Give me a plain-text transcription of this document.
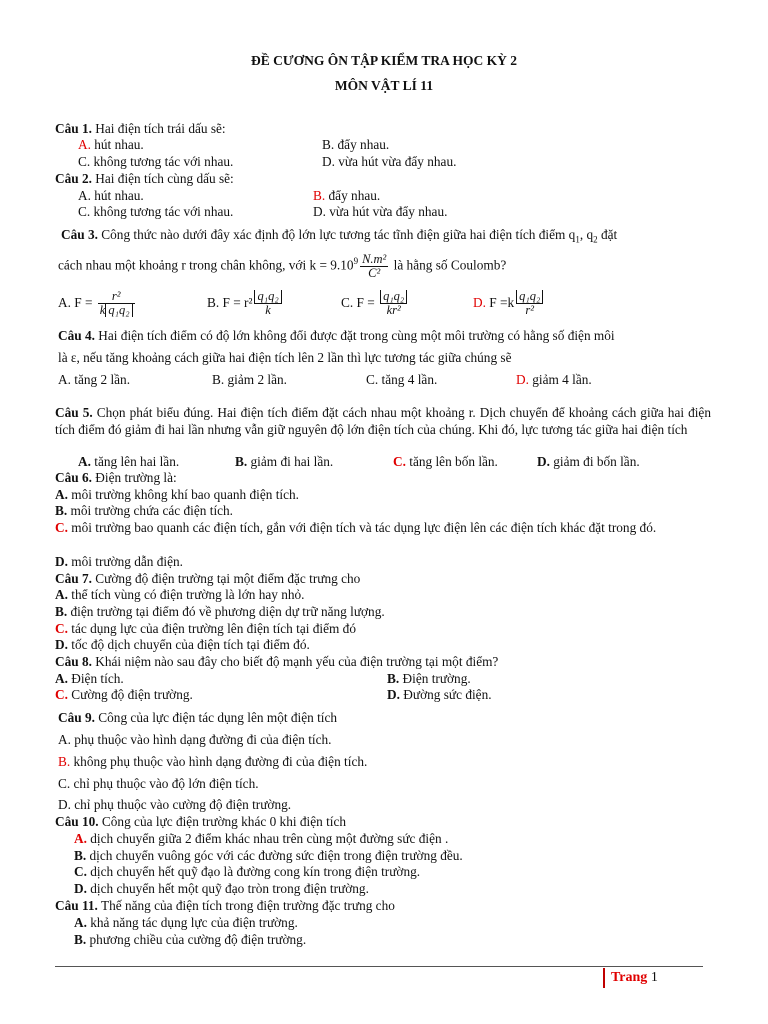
ĐỀ CƯƠNG ÔN TẬP KIỂM TRA HỌC KỲ 2
MÔN VẬT LÍ 11
Câu 1. Hai điện tích trái dấu sẽ:
A. hút nhau.	B. đẩy nhau.
C. không tương tác với nhau.	D. vừa hút vừa đẩy nhau.
Câu 2. Hai điện tích cùng dấu sẽ:
A. hút nhau.	B. đẩy nhau.
C. không tương tác với nhau.	D. vừa hút vừa đẩy nhau.
Câu 3. Công thức nào dưới đây xác định độ lớn lực tương tác tĩnh điện giữa hai điện tích điểm $q_1$, $q_2$ đặt
cách nhau một khoảng r trong chân không, với $k = 9.10^9 \frac{\text{N.m²}}{\text{C²}}$ là hằng số Coulomb?
A. $F = \frac{\text{r²}}{\text{k q₁q₂}}$	B. $F = r^2 \frac{\text{q₁q₂}}{k}$	C. $F = \frac{\text{q₁q₂}}{\text{kr²}}$	D. $F =k \frac{\text{q₁q₂}}{\text{r²}}$
Câu 4. Hai điện tích điểm có độ lớn không đổi được đặt trong cùng một môi trường có hằng số điện môi
là ε, nếu tăng khoảng cách giữa hai điện tích lên 2 lần thì lực tương tác giữa chúng sẽ
A. tăng 2 lần.	B. giảm 2 lần.	C. tăng 4 lần.	D. giảm 4 lần.
Câu 5. Chọn phát biểu đúng. Hai điện tích điểm đặt cách nhau một khoảng r. Dịch chuyển để khoảng cách giữa hai điện tích điểm đó giảm đi hai lần nhưng vẫn giữ nguyên độ lớn điện tích của chúng. Khi đó, lực tương tác giữa hai điện tích
A. tăng lên hai lần.	B. giảm đi hai lần.	C. tăng lên bốn lần.	D. giảm đi bốn lần.
Câu 6. Điện trường là:
A. môi trường không khí bao quanh điện tích.
B. môi trường chứa các điện tích.
C. môi trường bao quanh các điện tích, gắn với điện tích và tác dụng lực điện lên các điện tích khác đặt trong đó.
D. môi trường dẫn điện.
Câu 7. Cường độ điện trường tại một điểm đặc trưng cho
A. thể tích vùng có điện trường là lớn hay nhỏ.
B. điện trường tại điểm đó về phương diện dự trữ năng lượng.
C. tác dụng lực của điện trường lên điện tích tại điểm đó
D. tốc độ dịch chuyển của điện tích tại điểm đó.
Câu 8. Khái niệm nào sau đây cho biết độ mạnh yếu của điện trường tại một điểm?
A. Điện tích.	B. Điện trường.
C. Cường độ điện trường.	D. Đường sức điện.
Câu 9. Công của lực điện tác dụng lên một điện tích
A. phụ thuộc vào hình dạng đường đi của điện tích.
B. không phụ thuộc vào hình dạng đường đi của điện tích.
C. chỉ phụ thuộc vào độ lớn điện tích.
D. chỉ phụ thuộc vào cường độ điện trường.
Câu 10. Công của lực điện trường khác 0 khi điện tích
A. dịch chuyển giữa 2 điểm khác nhau trên cùng một đường sức điện .
B. dịch chuyển vuông góc với các đường sức điện trong điện trường đều.
C. dịch chuyển hết quỹ đạo là đường cong kín trong điện trường.
D. dịch chuyển hết một quỹ đạo tròn trong điện trường.
Câu 11. Thế năng của điện tích trong điện trường đặc trưng cho
A. khả năng tác dụng lực của điện trường.
B. phương chiều của cường độ điện trường.
Trang 1
